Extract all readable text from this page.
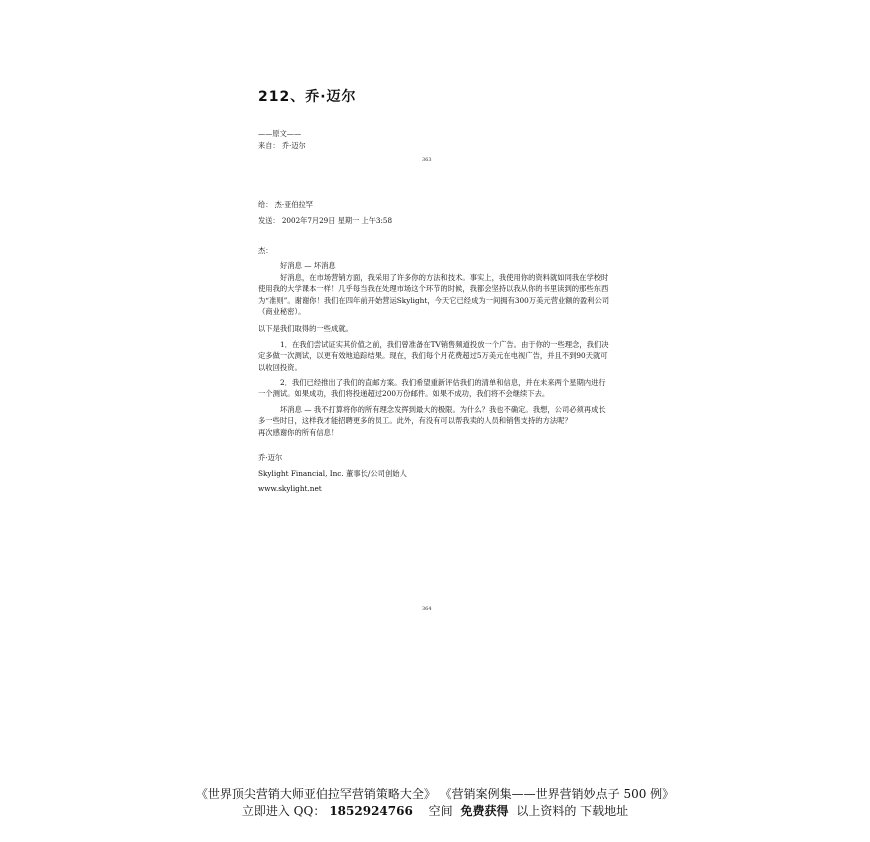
212、乔·迈尔
——原文——
来自： 乔·迈尔
363
给： 杰·亚伯拉罕
发送： 2002年7月29日 星期一 上午3:58

杰：

好消息 — 坏消息

好消息，在市场营销方面，我采用了许多你的方法和技术。事实上，我使用你的资料就如同我在学校时使用我的大学课本一样！几乎每当我在处理市场这个环节的时候，我都会坚持以我从你的书里读到的那些东西为“准则”。谢谢你！我们在四年前开始营运Skylight，今天它已经成为一间拥有300万美元营业额的盈利公司（商业秘密）。

以下是我们取得的一些成就。

1．在我们尝试证实其价值之前，我们曾准备在TV销售频道投放一个广告。由于你的一些理念，我们决定多做一次测试，以更有效地追踪结果。现在，我们每个月花费超过5万美元在电视广告，并且不到90天就可以收回投资。

2．我们已经推出了我们的直邮方案。我们希望重新评估我们的清单和信息，并在未来两个星期内进行一个测试。如果成功，我们将投递超过200万份邮件。如果不成功，我们将不会继续下去。

坏消息 — 我不打算将你的所有理念发挥到最大的极限。为什么？我也不确定。我想，公司必须再成长多一些时日，这样我才能招聘更多的员工。此外，有没有可以帮我卖的人员和销售支持的方法呢？

再次感谢你的所有信息！

乔·迈尔

Skylight Financial, Inc. 董事长/公司创始人

www.skylight.net

364
《世界顶尖营销大师亚伯拉罕营销策略大全》 《营销案例集——世界营销妙点子 500 例》
立即进入 QQ： 1852924766 空间 免费获得 以上资料的 下载地址
